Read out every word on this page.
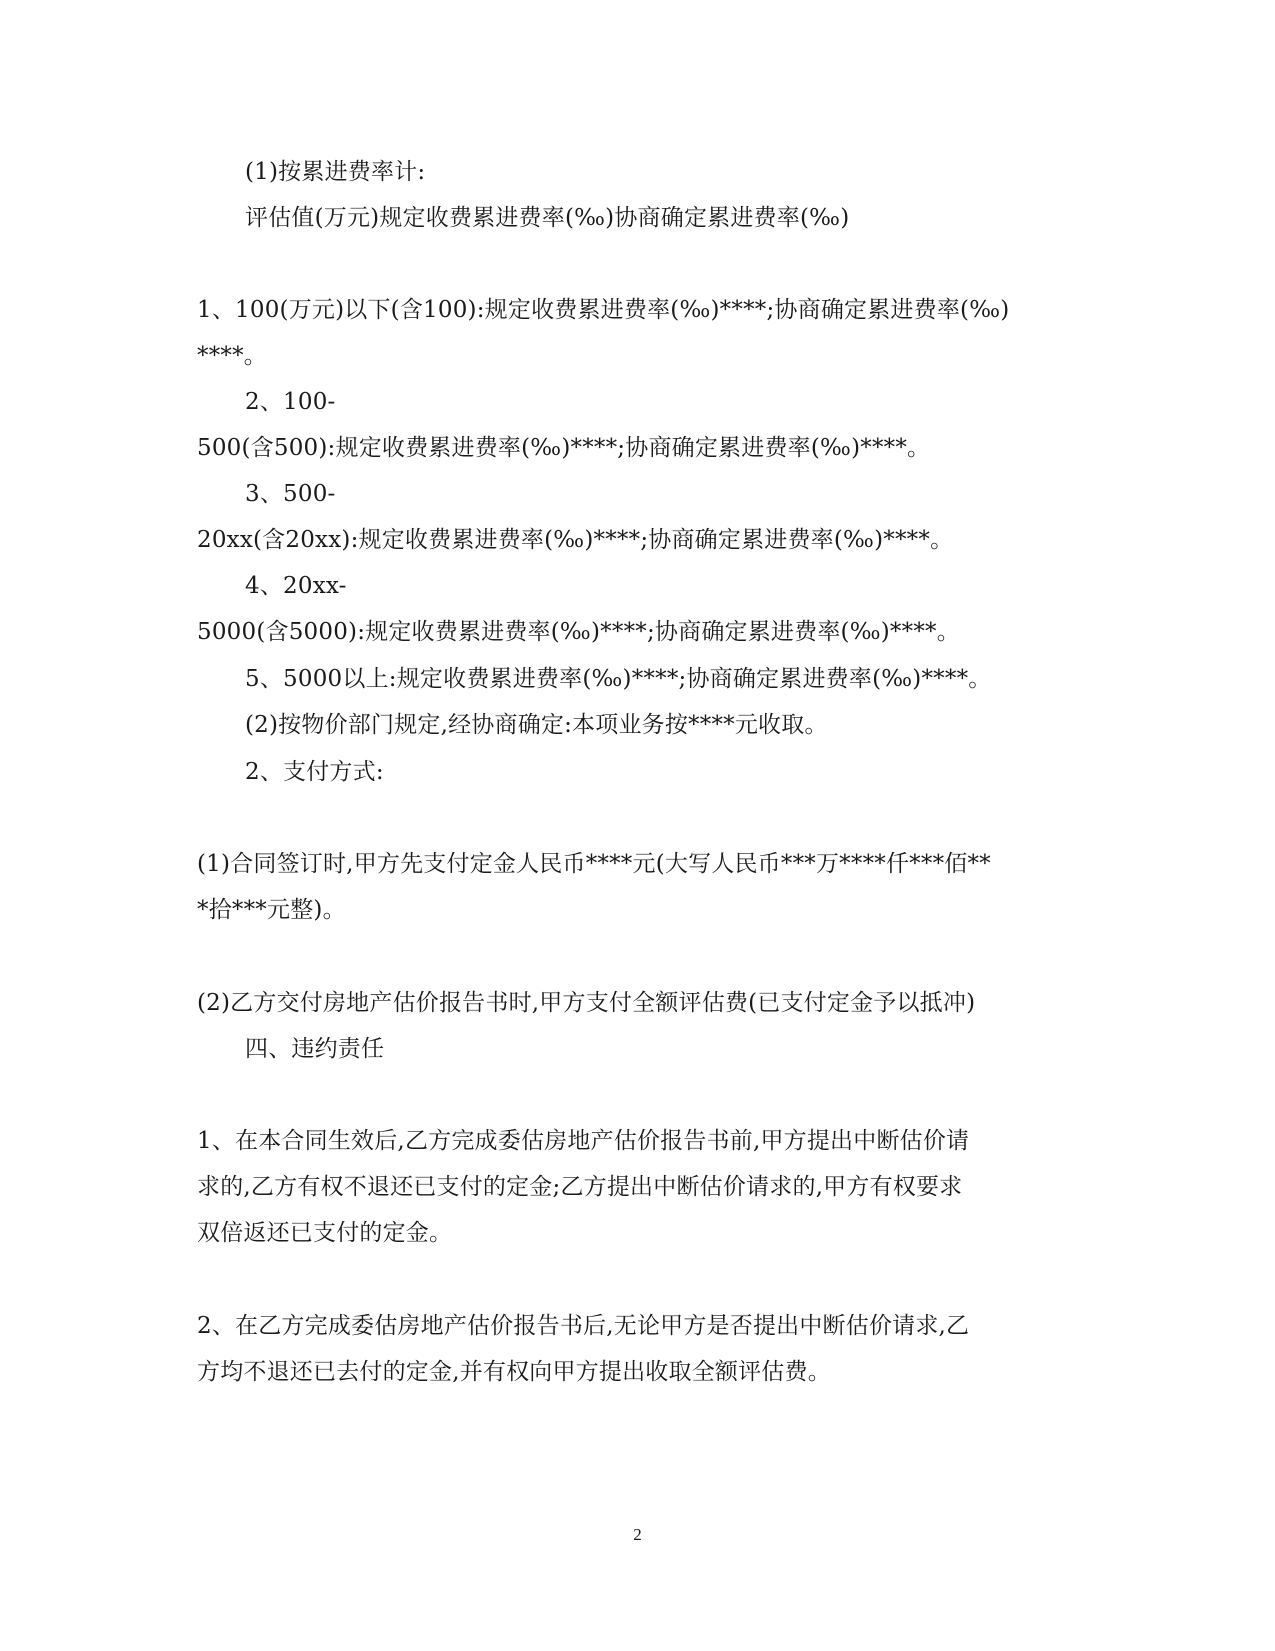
(1)按累进费率计:
评估值(万元)规定收费累进费率(‰)协商确定累进费率(‰)
1、100(万元)以下(含100):规定收费累进费率(‰)****;协商确定累进费率(‰)
****。
2、100-
500(含500):规定收费累进费率(‰)****;协商确定累进费率(‰)****。
3、500-
20xx(含20xx):规定收费累进费率(‰)****;协商确定累进费率(‰)****。
4、20xx-
5000(含5000):规定收费累进费率(‰)****;协商确定累进费率(‰)****。
5、5000以上:规定收费累进费率(‰)****;协商确定累进费率(‰)****。
(2)按物价部门规定,经协商确定:本项业务按****元收取。
2、支付方式:
(1)合同签订时,甲方先支付定金人民币****元(大写人民币***万****仟***佰**
*拾***元整)。
(2)乙方交付房地产估价报告书时,甲方支付全额评估费(已支付定金予以抵冲)
四、违约责任
1、在本合同生效后,乙方完成委估房地产估价报告书前,甲方提出中断估价请
求的,乙方有权不退还已支付的定金;乙方提出中断估价请求的,甲方有权要求
双倍返还已支付的定金。
2、在乙方完成委估房地产估价报告书后,无论甲方是否提出中断估价请求,乙
方均不退还已去付的定金,并有权向甲方提出收取全额评估费。
2
